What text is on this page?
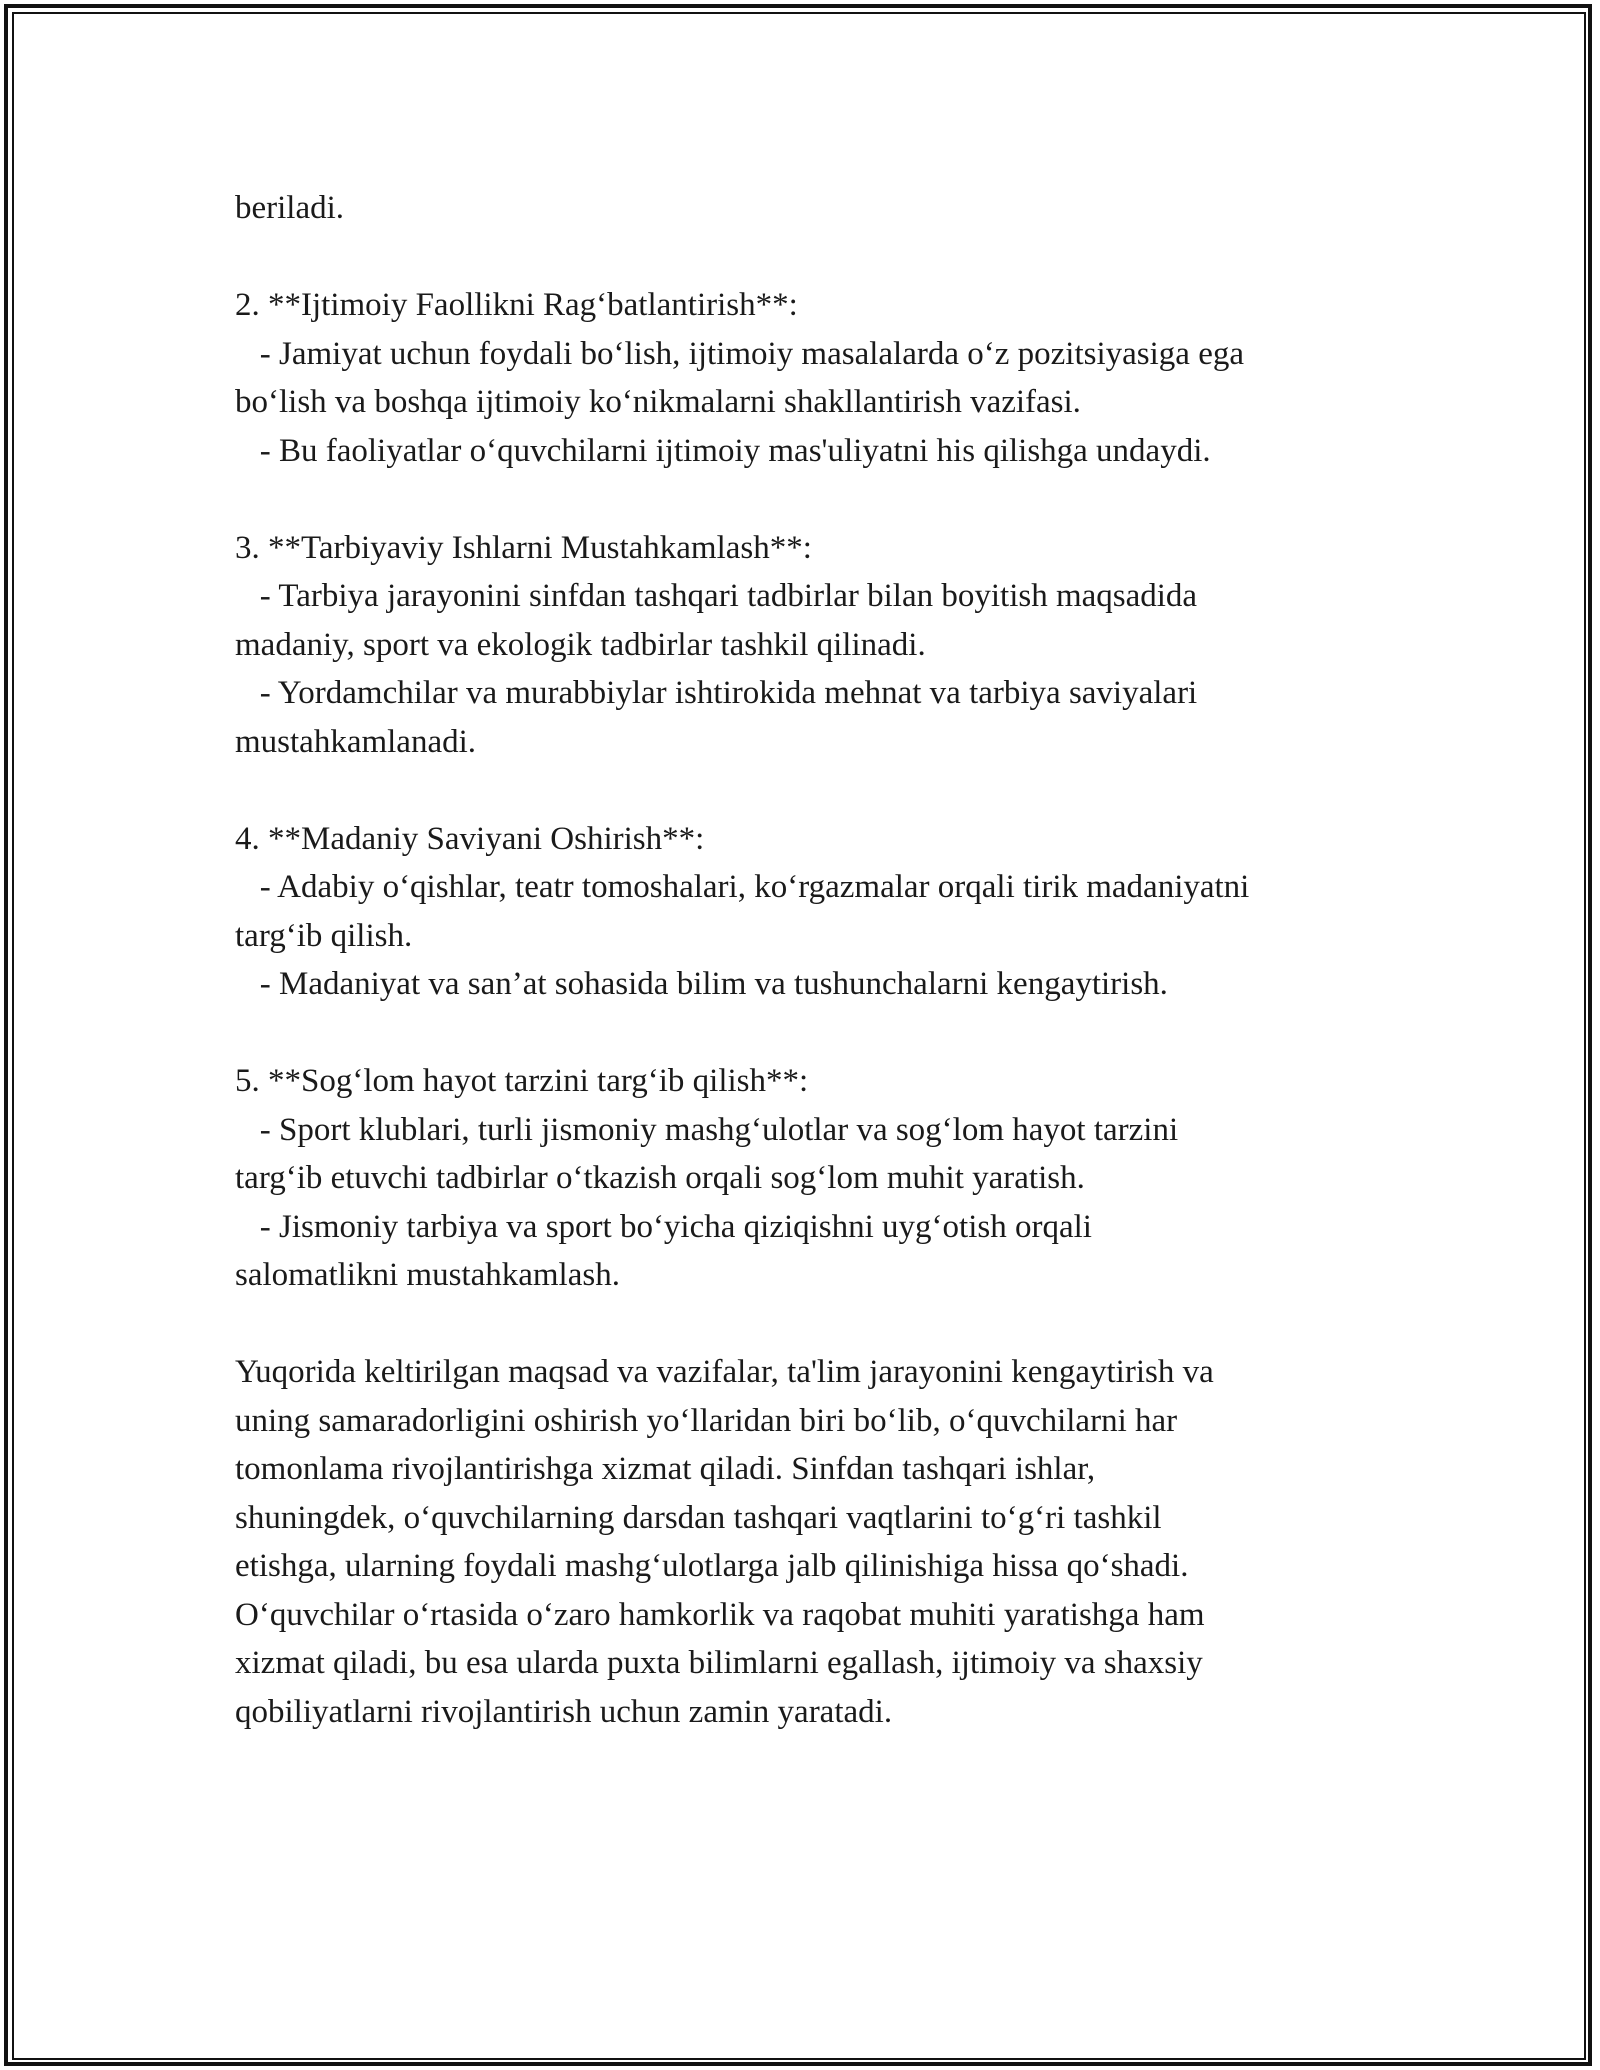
beriladi.
2. **Ijtimoiy Faollikni Rag‘batlantirish**:
- Jamiyat uchun foydali bo‘lish, ijtimoiy masalalarda o‘z pozitsiyasiga ega
bo‘lish va boshqa ijtimoiy ko‘nikmalarni shakllantirish vazifasi.
- Bu faoliyatlar o‘quvchilarni ijtimoiy mas'uliyatni his qilishga undaydi.
3. **Tarbiyaviy Ishlarni Mustahkamlash**:
- Tarbiya jarayonini sinfdan tashqari tadbirlar bilan boyitish maqsadida
madaniy, sport va ekologik tadbirlar tashkil qilinadi.
- Yordamchilar va murabbiylar ishtirokida mehnat va tarbiya saviyalari
mustahkamlanadi.
4. **Madaniy Saviyani Oshirish**:
- Adabiy o‘qishlar, teatr tomoshalari, ko‘rgazmalar orqali tirik madaniyatni
targ‘ib qilish.
- Madaniyat va san’at sohasida bilim va tushunchalarni kengaytirish.
5. **Sog‘lom hayot tarzini targ‘ib qilish**:
- Sport klublari, turli jismoniy mashg‘ulotlar va sog‘lom hayot tarzini
targ‘ib etuvchi tadbirlar o‘tkazish orqali sog‘lom muhit yaratish.
- Jismoniy tarbiya va sport bo‘yicha qiziqishni uyg‘otish orqali
salomatlikni mustahkamlash.
Yuqorida keltirilgan maqsad va vazifalar, ta'lim jarayonini kengaytirish va
uning samaradorligini oshirish yo‘llaridan biri bo‘lib, o‘quvchilarni har
tomonlama rivojlantirishga xizmat qiladi. Sinfdan tashqari ishlar,
shuningdek, o‘quvchilarning darsdan tashqari vaqtlarini to‘g‘ri tashkil
etishga, ularning foydali mashg‘ulotlarga jalb qilinishiga hissa qo‘shadi.
O‘quvchilar o‘rtasida o‘zaro hamkorlik va raqobat muhiti yaratishga ham
xizmat qiladi, bu esa ularda puxta bilimlarni egallash, ijtimoiy va shaxsiy
qobiliyatlarni rivojlantirish uchun zamin yaratadi.
